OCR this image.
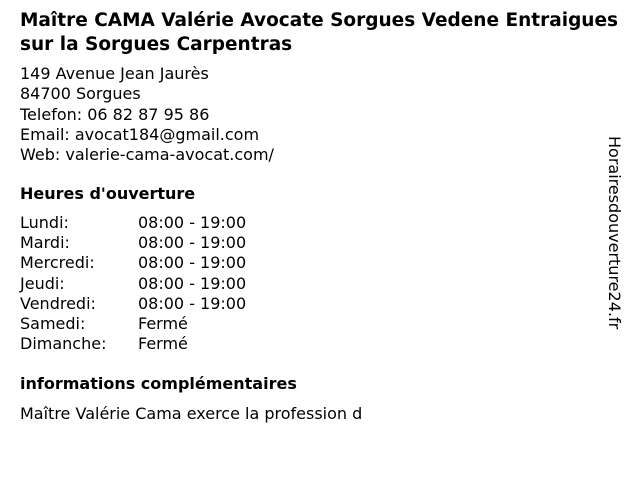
Maître CAMA Valérie Avocate Sorgues Vedene Entraigues sur la Sorgues Carpentras
149 Avenue Jean Jaurès
84700 Sorgues
Telefon: 06 82 87 95 86
Email: avocat184@gmail.com
Web: valerie-cama-avocat.com/
Heures d'ouverture
Lundi:	08:00 - 19:00
Mardi:	08:00 - 19:00
Mercredi:	08:00 - 19:00
Jeudi:	08:00 - 19:00
Vendredi:	08:00 - 19:00
Samedi:	Fermé
Dimanche: Fermé
informations complémentaires
Maître Valérie Cama exerce la profession d
Horairesdouverture24.fr
